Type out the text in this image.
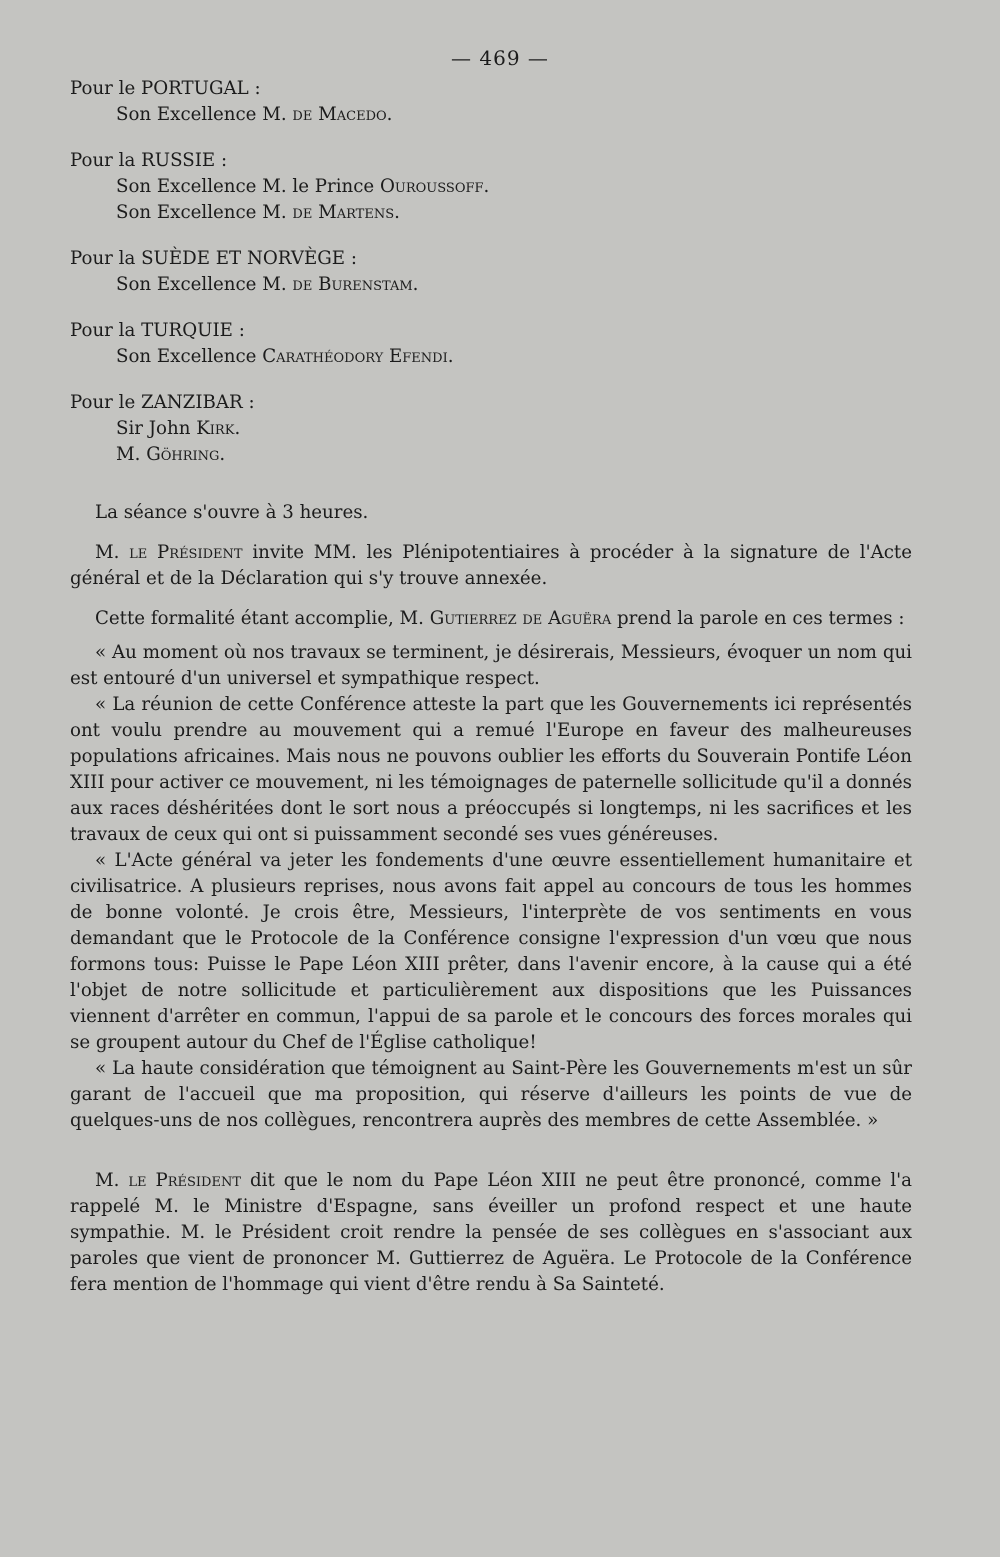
— 469 —
Pour le PORTUGAL :
Son Excellence M. de Macedo.
Pour la RUSSIE :
Son Excellence M. le Prince Ouroussoff.
Son Excellence M. de Martens.
Pour la SUÈDE ET NORVÈGE :
Son Excellence M. de Burenstam.
Pour la TURQUIE :
Son Excellence Carathéodory Efendi.
Pour le ZANZIBAR :
Sir John Kirk.
M. Göhring.

La séance s'ouvre à 3 heures.

M. le Président invite MM. les Plénipotentiaires à procéder à la signature de l'Acte général et de la Déclaration qui s'y trouve annexée.

Cette formalité étant accomplie, M. Gutierrez de Aguëra prend la parole en ces termes :

« Au moment où nos travaux se terminent, je désirerais, Messieurs, évoquer un nom qui est entouré d'un universel et sympathique respect.

« La réunion de cette Conférence atteste la part que les Gouvernements ici représentés ont voulu prendre au mouvement qui a remué l'Europe en faveur des malheureuses populations africaines. Mais nous ne pouvons oublier les efforts du Souverain Pontife Léon XIII pour activer ce mouvement, ni les témoignages de paternelle sollicitude qu'il a donnés aux races déshéritées dont le sort nous a préoccupés si longtemps, ni les sacrifices et les travaux de ceux qui ont si puissamment secondé ses vues généreuses.

« L'Acte général va jeter les fondements d'une œuvre essentiellement humanitaire et civilisatrice. A plusieurs reprises, nous avons fait appel au concours de tous les hommes de bonne volonté. Je crois être, Messieurs, l'interprète de vos sentiments en vous demandant que le Protocole de la Conférence consigne l'expression d'un vœu que nous formons tous: Puisse le Pape Léon XIII prêter, dans l'avenir encore, à la cause qui a été l'objet de notre sollicitude et particulièrement aux dispositions que les Puissances viennent d'arrêter en commun, l'appui de sa parole et le concours des forces morales qui se groupent autour du Chef de l'Église catholique!

« La haute considération que témoignent au Saint-Père les Gouvernements m'est un sûr garant de l'accueil que ma proposition, qui réserve d'ailleurs les points de vue de quelques-uns de nos collègues, rencontrera auprès des membres de cette Assemblée. »

M. le Président dit que le nom du Pape Léon XIII ne peut être prononcé, comme l'a rappelé M. le Ministre d'Espagne, sans éveiller un profond respect et une haute sympathie. M. le Président croit rendre la pensée de ses collègues en s'associant aux paroles que vient de prononcer M. Guttierrez de Aguëra. Le Protocole de la Conférence fera mention de l'hommage qui vient d'être rendu à Sa Sainteté.
